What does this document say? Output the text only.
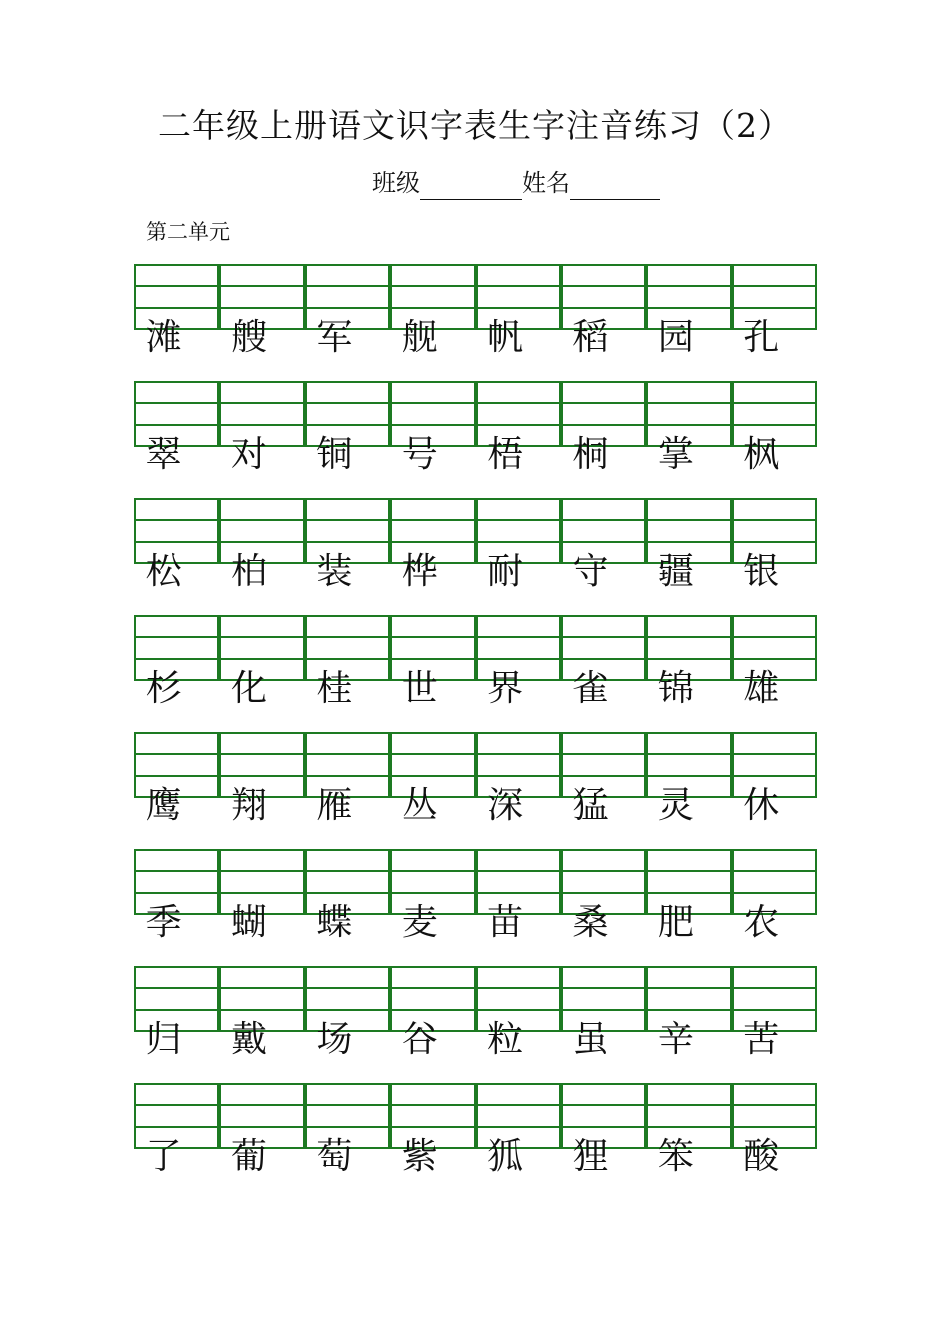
二年级上册语文识字表生字注音练习（2）
班级	姓名
第二单元
滩	艘	军	舰	帆	稻	园	孔
翠	对	铜	号	梧	桐	掌	枫
松	柏	装	桦	耐	守	疆	银
杉	化	桂	世	界	雀	锦	雄
鹰	翔	雁	丛	深	猛	灵	休
季	蝴	蝶	麦	苗	桑	肥	农
归	戴	场	谷	粒	虽	辛	苦
了	葡	萄	紫	狐	狸	笨	酸
